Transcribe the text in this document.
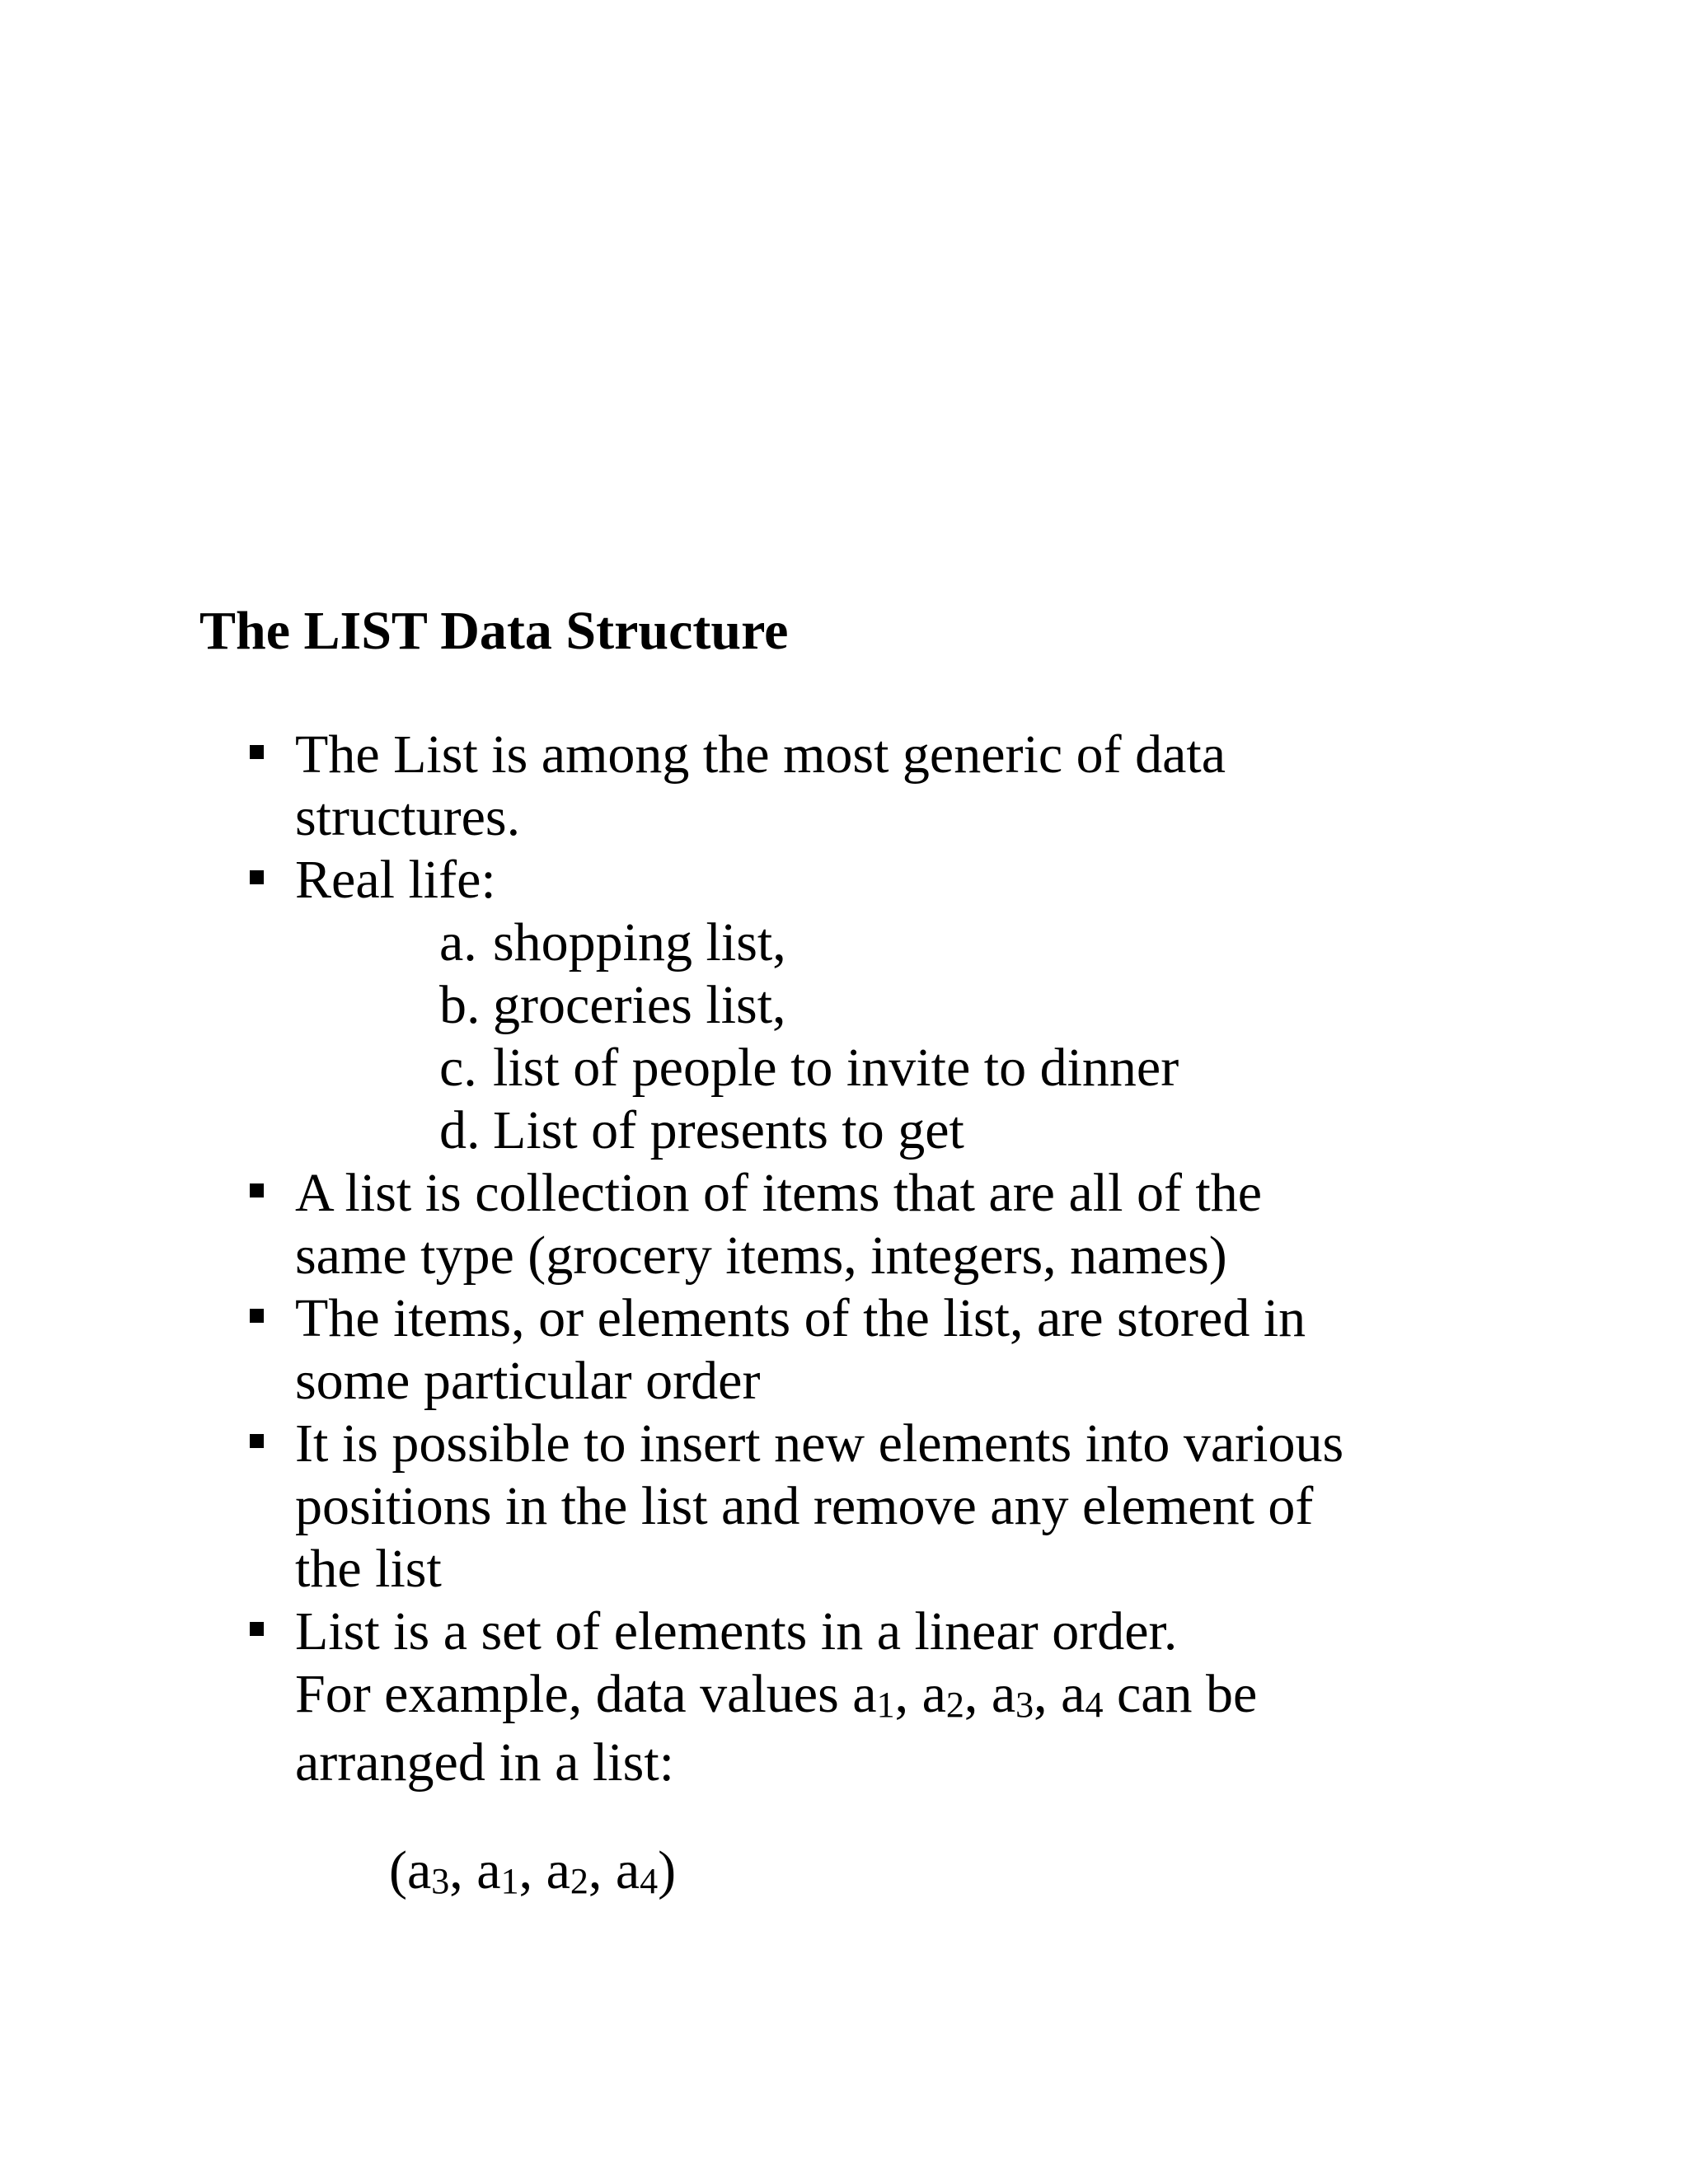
The LIST Data Structure
The List is among the most generic of data
structures.
Real life:
a. shopping list,
b. groceries list,
c. list of people to invite to dinner
d. List of presents to get
A list is collection of items that are all of the
same type (grocery items, integers, names)
The items, or elements of the list, are stored in
some particular order
It is possible to insert new elements into various
positions in the list and remove any element of
the list
List is a set of elements in a linear order.
For example, data values $a_1$, $a_2$, $a_3$, $a_4$ can be
arranged in a list:
($a_3$, $a_1$, $a_2$, $a_4$)
